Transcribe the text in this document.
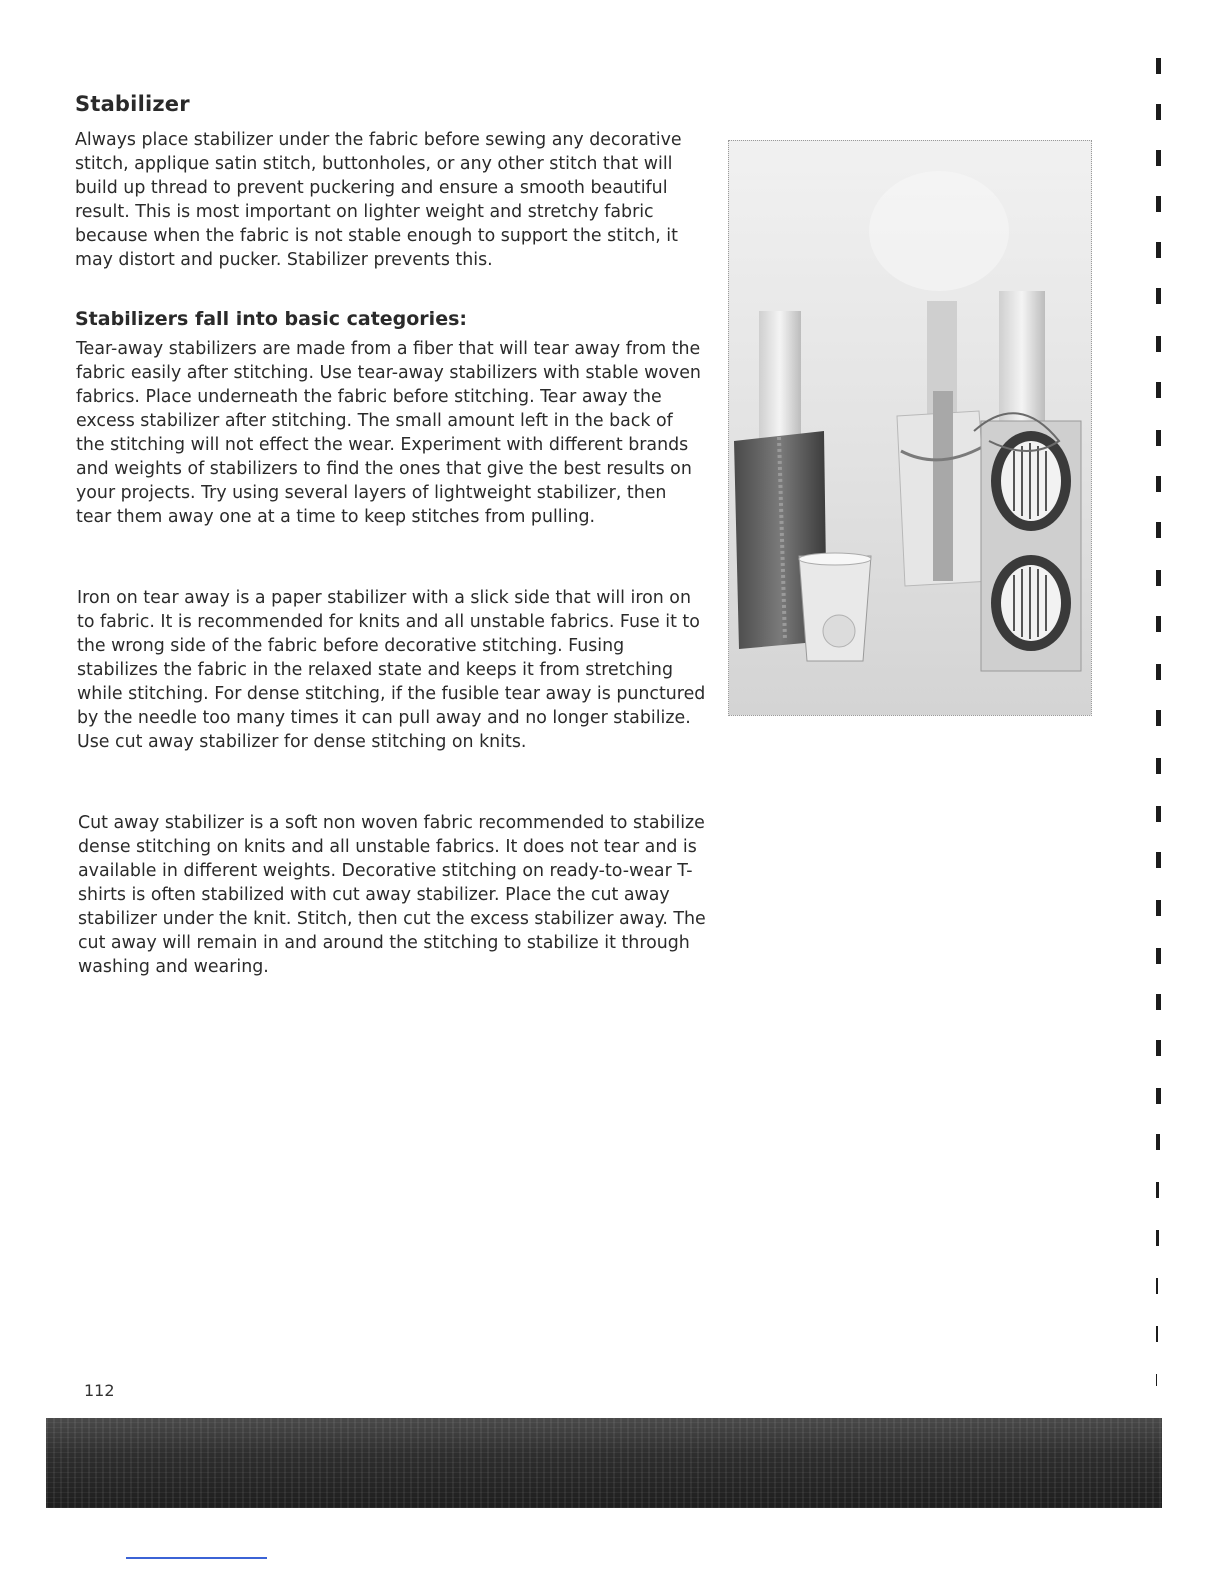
Stabilizer

Always place stabilizer under the fabric before sewing any decorative stitch, applique satin stitch, buttonholes, or any other stitch that will build up thread to prevent puckering and ensure a smooth beautiful result. This is most important on lighter weight and stretchy fabric because when the fabric is not stable enough to support the stitch, it may distort and pucker. Stabilizer prevents this.

Stabilizers fall into basic categories:

Tear-away stabilizers are made from a fiber that will tear away from the fabric easily after stitching. Use tear-away stabilizers with stable woven fabrics. Place underneath the fabric before stitching. Tear away the excess stabilizer after stitching. The small amount left in the back of the stitching will not effect the wear. Experiment with different brands and weights of stabilizers to find the ones that give the best results on your projects. Try using several layers of lightweight stabilizer, then tear them away one at a time to keep stitches from pulling.

Iron on tear away is a paper stabilizer with a slick side that will iron on to fabric. It is recommended for knits and all unstable fabrics. Fuse it to the wrong side of the fabric before decorative stitching. Fusing stabilizes the fabric in the relaxed state and keeps it from stretching while stitching. For dense stitching, if the fusible tear away is punctured by the needle too many times it can pull away and no longer stabilize. Use cut away stabilizer for dense stitching on knits.

Cut away stabilizer is a soft non woven fabric recommended to stabilize dense stitching on knits and all unstable fabrics. It does not tear and is available in different weights. Decorative stitching on ready-to-wear T-shirts is often stabilized with cut away stabilizer. Place the cut away stabilizer under the knit. Stitch, then cut the excess stabilizer away. The cut away will remain in and around the stitching to stabilize it through washing and wearing.

112
